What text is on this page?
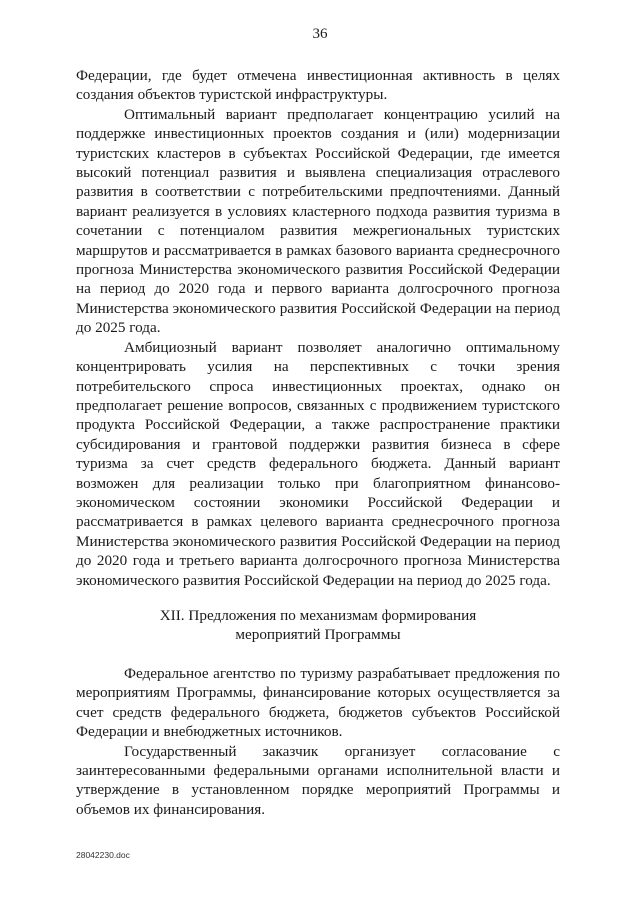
36

Федерации, где будет отмечена инвестиционная активность в целях создания объектов туристской инфраструктуры.

Оптимальный вариант предполагает концентрацию усилий на поддержке инвестиционных проектов создания и (или) модернизации туристских кластеров в субъектах Российской Федерации, где имеется высокий потенциал развития и выявлена специализация отраслевого развития в соответствии с потребительскими предпочтениями. Данный вариант реализуется в условиях кластерного подхода развития туризма в сочетании с потенциалом развития межрегиональных туристских маршрутов и рассматривается в рамках базового варианта среднесрочного прогноза Министерства экономического развития Российской Федерации на период до 2020 года и первого варианта долгосрочного прогноза Министерства экономического развития Российской Федерации на период до 2025 года.

Амбициозный вариант позволяет аналогично оптимальному концентрировать усилия на перспективных с точки зрения потребительского спроса инвестиционных проектах, однако он предполагает решение вопросов, связанных с продвижением туристского продукта Российской Федерации, а также распространение практики субсидирования и грантовой поддержки развития бизнеса в сфере туризма за счет средств федерального бюджета. Данный вариант возможен для реализации только при благоприятном финансово-экономическом состоянии экономики Российской Федерации и рассматривается в рамках целевого варианта среднесрочного прогноза Министерства экономического развития Российской Федерации на период до 2020 года и третьего варианта долгосрочного прогноза Министерства экономического развития Российской Федерации на период до 2025 года.

XII. Предложения по механизмам формирования
мероприятий Программы

Федеральное агентство по туризму разрабатывает предложения по мероприятиям Программы, финансирование которых осуществляется за счет средств федерального бюджета, бюджетов субъектов Российской Федерации и внебюджетных источников.

Государственный заказчик организует согласование с заинтересованными федеральными органами исполнительной власти и утверждение в установленном порядке мероприятий Программы и объемов их финансирования.

28042230.doc
